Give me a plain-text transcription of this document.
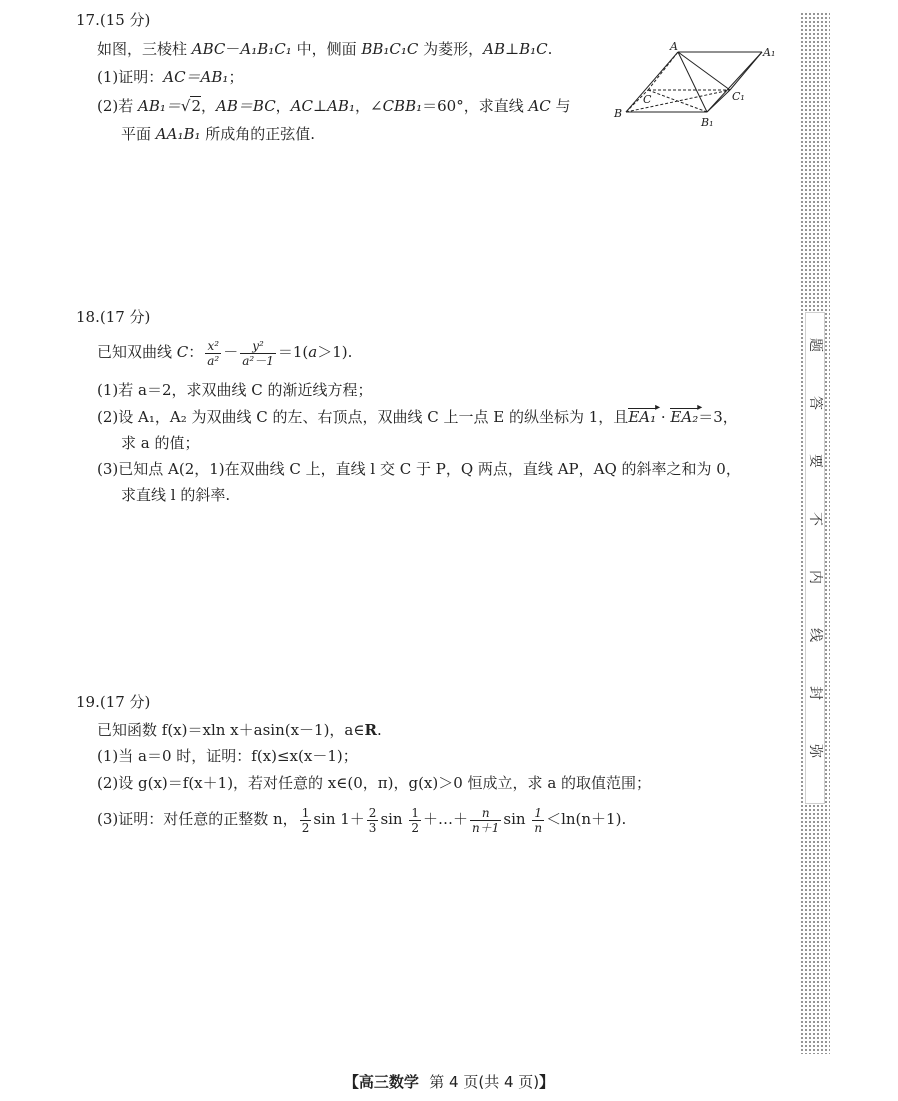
17.(15 分)
如图，三棱柱 ABC－A₁B₁C₁ 中，侧面 BB₁C₁C 为菱形，AB⊥B₁C.
(1)证明：AC＝AB₁；
(2)若 AB₁＝√2，AB＝BC，AC⊥AB₁，∠CBB₁＝60°，求直线 AC 与
平面 AA₁B₁ 所成角的正弦值.
A	A₁
B
B₁
C	C₁
18.(17 分)
已知双曲线 C： $\frac{\text{x²}}{\text{a²}} - \frac{\text{y²}}{\text{a²－1}} =1(a>1)$.
(1)若 a＝2，求双曲线 C 的渐近线方程；
(2)设 A₁，A₂ 为双曲线 C 的左、右顶点，双曲线 C 上一点 E 的纵坐标为 1，且EA₁ ▸ · EA₂ ▸＝3，
求 a 的值；
(3)已知点 A(2，1)在双曲线 C 上，直线 l 交 C 于 P，Q 两点，直线 AP，AQ 的斜率之和为 0，
求直线 l 的斜率.
19.(17 分)
已知函数 f(x)＝xln x＋asin(x－1)，a∈R.
(1)当 a＝0 时，证明：f(x)≤x(x－1)；
(2)设 g(x)＝f(x＋1)，若对任意的 x∈(0，π)，g(x)＞0 恒成立，求 a 的取值范围；
(3)证明：对任意的正整数 n， $\frac{1}{2}$ $\sin 1+ \frac{2}{3}$ $\sin \frac{1}{2}$ ＋…＋ $\frac{n}{n+1}$ $\sin \frac{1}{n} <\ln(n+1)$.
弥
封
线
内
不
要
答
题
【高三数学 第 4 页(共 4 页)】
